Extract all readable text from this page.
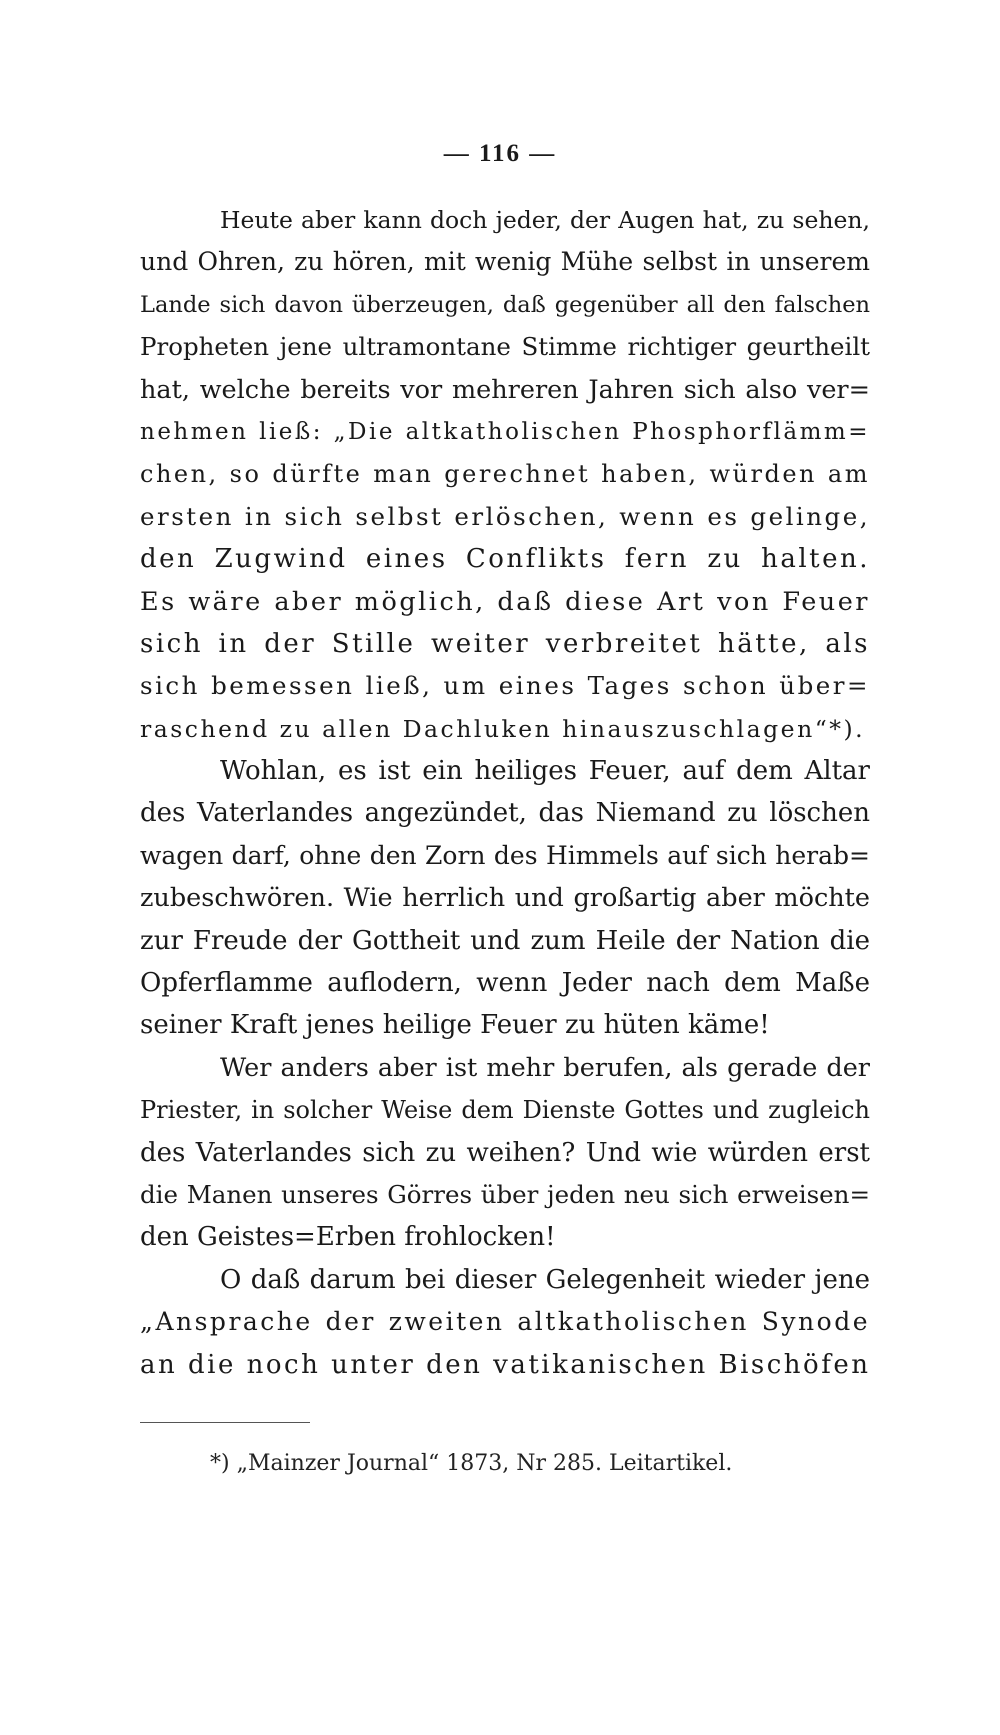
— 116 —
Heute aber kann doch jeder, der Augen hat, zu sehen,
und Ohren, zu hören, mit wenig Mühe selbst in unserem
Lande sich davon überzeugen, daß gegenüber all den falschen
Propheten jene ultramontane Stimme richtiger geurtheilt
hat, welche bereits vor mehreren Jahren sich also ver=
nehmen ließ: „Die altkatholischen Phosphorflämm=
chen, so dürfte man gerechnet haben, würden am
ersten in sich selbst erlöschen, wenn es gelinge,
den Zugwind eines Conflikts fern zu halten.
Es wäre aber möglich, daß diese Art von Feuer
sich in der Stille weiter verbreitet hätte, als
sich bemessen ließ, um eines Tages schon über=
raschend zu allen Dachluken hinauszuschlagen“*).
Wohlan, es ist ein heiliges Feuer, auf dem Altar
des Vaterlandes angezündet, das Niemand zu löschen
wagen darf, ohne den Zorn des Himmels auf sich herab=
zubeschwören. Wie herrlich und großartig aber möchte
zur Freude der Gottheit und zum Heile der Nation die
Opferflamme auflodern, wenn Jeder nach dem Maße
seiner Kraft jenes heilige Feuer zu hüten käme!
Wer anders aber ist mehr berufen, als gerade der
Priester, in solcher Weise dem Dienste Gottes und zugleich
des Vaterlandes sich zu weihen? Und wie würden erst
die Manen unseres Görres über jeden neu sich erweisen=
den Geistes=Erben frohlocken!
O daß darum bei dieser Gelegenheit wieder jene
„Ansprache der zweiten altkatholischen Synode
an die noch unter den vatikanischen Bischöfen
*) „Mainzer Journal“ 1873, Nr 285. Leitartikel.
